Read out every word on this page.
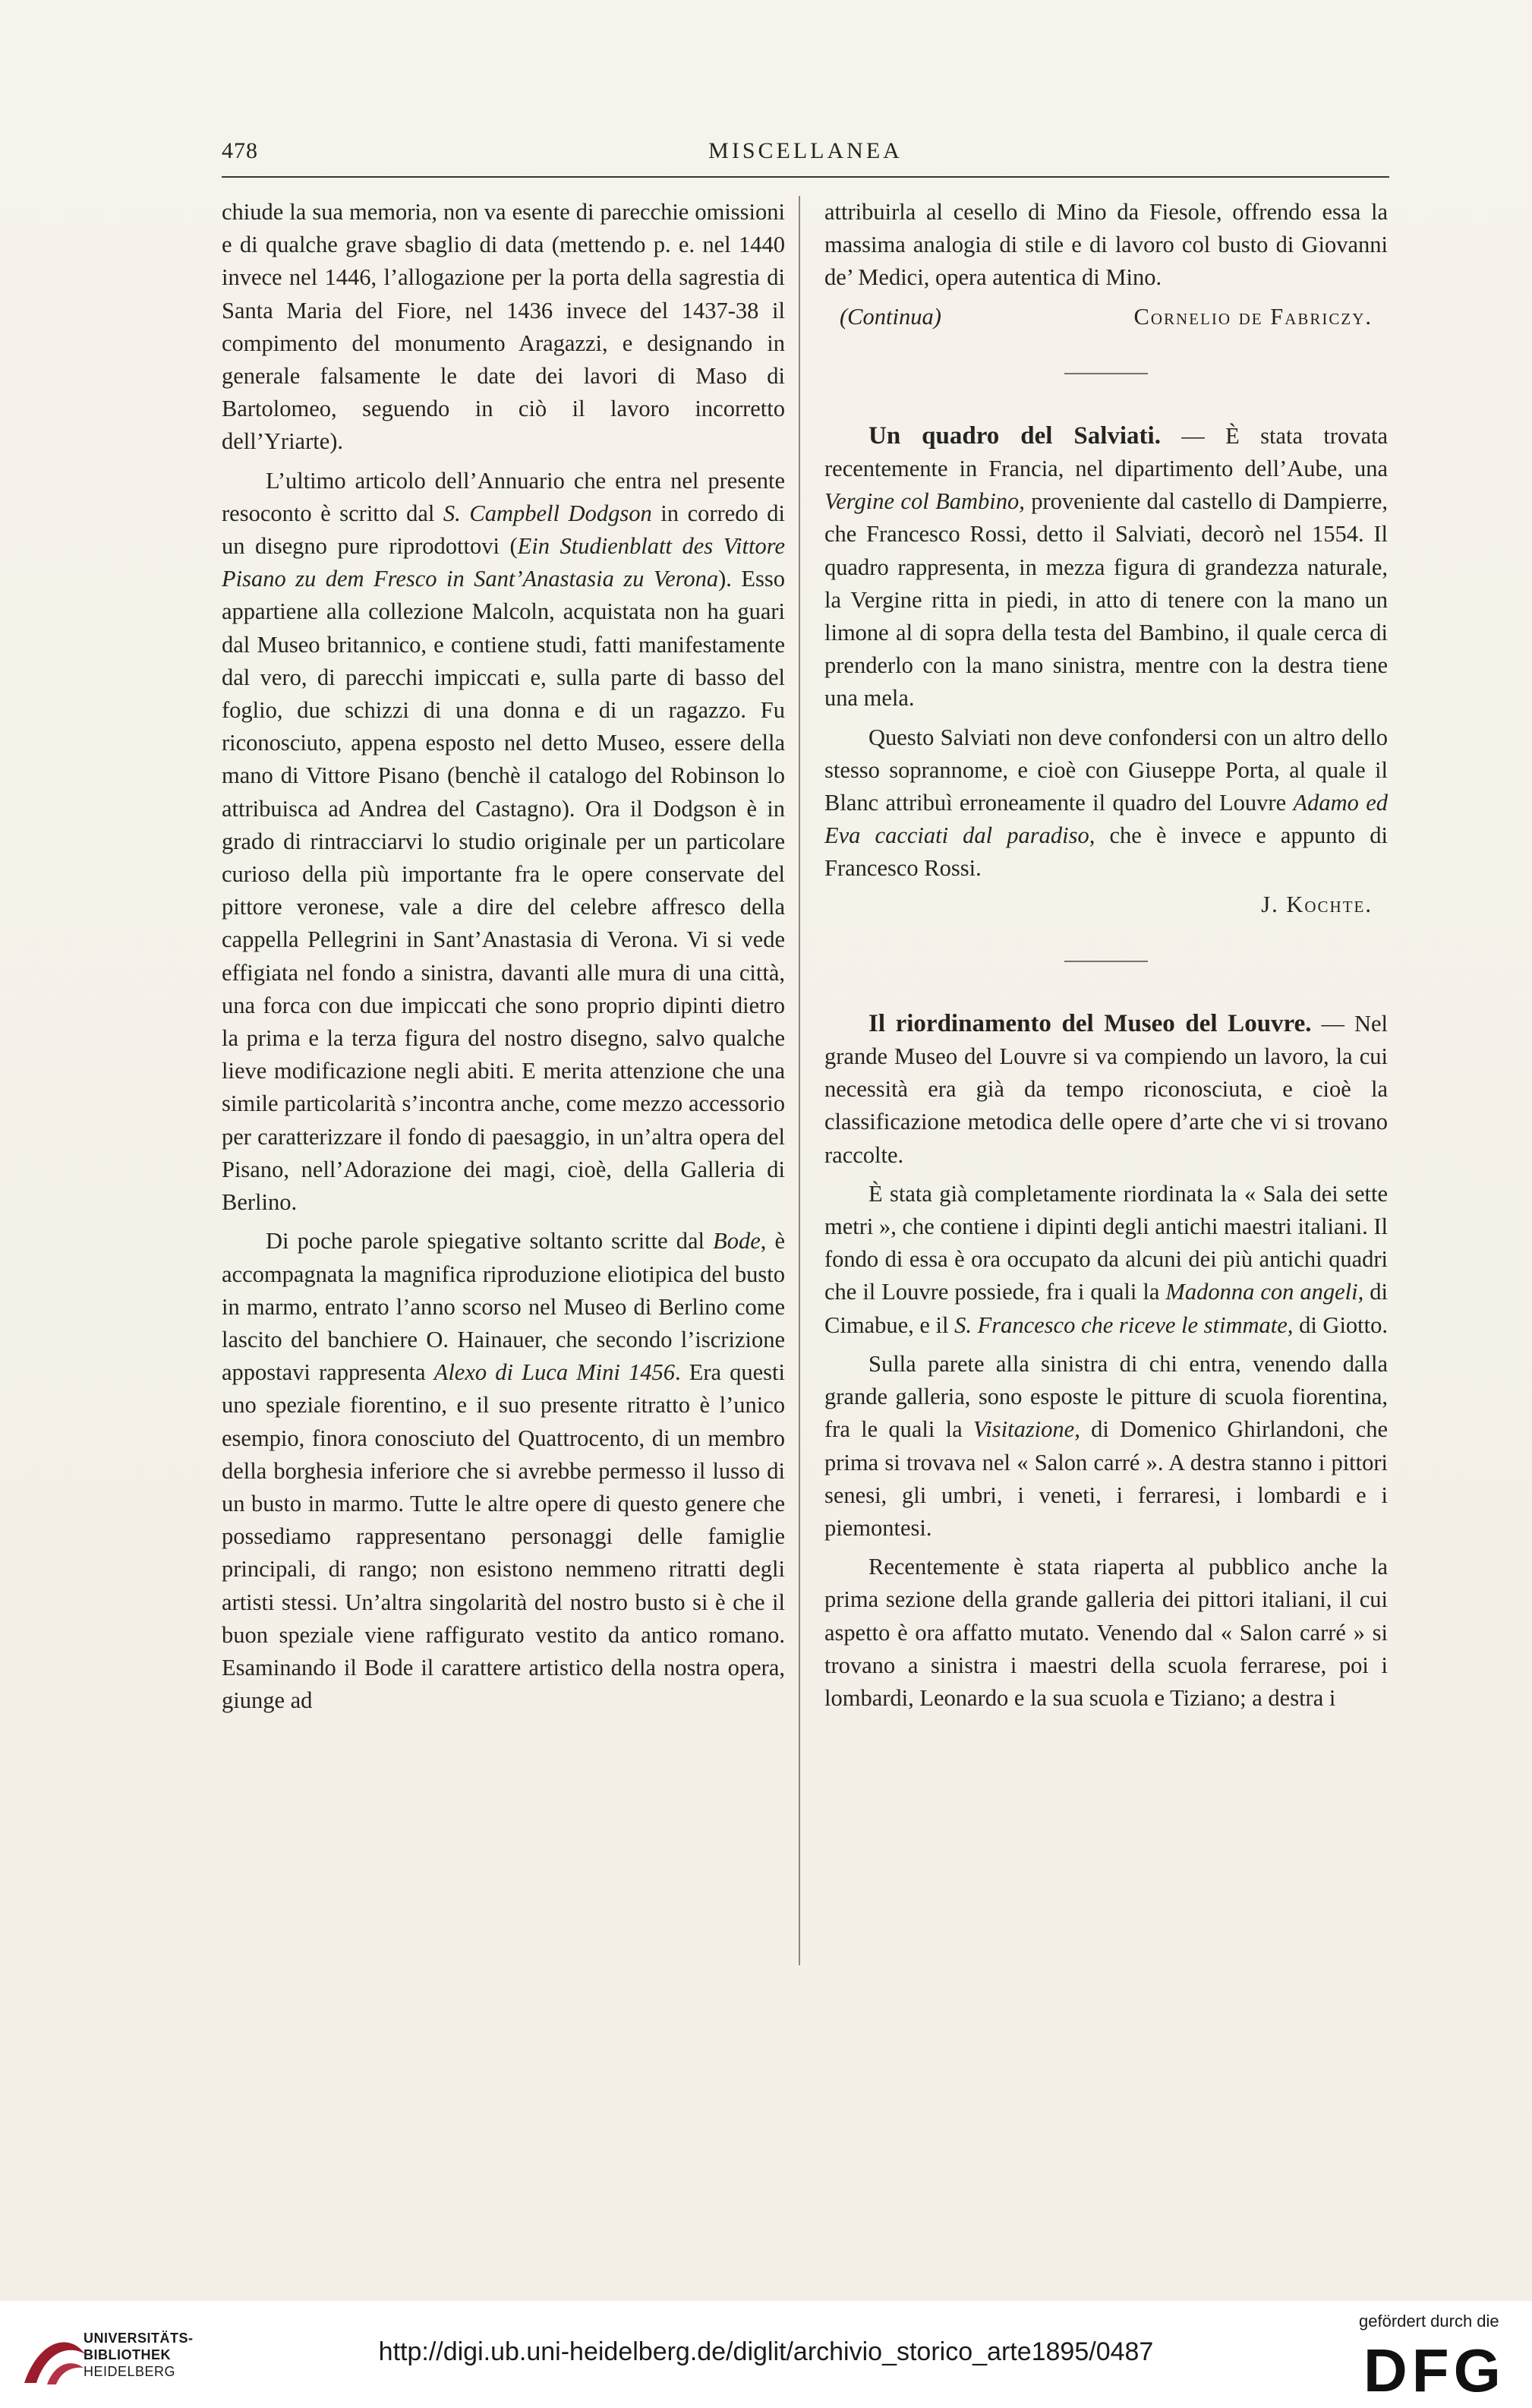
478	MISCELLANEA

chiude la sua memoria, non va esente di parecchie omissioni e di qualche grave sbaglio di data (mettendo p. e. nel 1440 invece nel 1446, l’allogazione per la porta della sagrestia di Santa Maria del Fiore, nel 1436 invece del 1437-38 il compimento del monumento Aragazzi, e designando in generale falsamente le date dei lavori di Maso di Bartolomeo, seguendo in ciò il lavoro incorretto dell’Yriarte).

L’ultimo articolo dell’Annuario che entra nel presente resoconto è scritto dal S. Campbell Dodgson in corredo di un disegno pure riprodottovi (Ein Studienblatt des Vittore Pisano zu dem Fresco in Sant’Anastasia zu Verona). Esso appartiene alla collezione Malcoln, acquistata non ha guari dal Museo britannico, e contiene studi, fatti manifestamente dal vero, di parecchi impiccati e, sulla parte di basso del foglio, due schizzi di una donna e di un ragazzo. Fu riconosciuto, appena esposto nel detto Museo, essere della mano di Vittore Pisano (benchè il catalogo del Robinson lo attribuisca ad Andrea del Castagno). Ora il Dodgson è in grado di rintracciarvi lo studio originale per un particolare curioso della più importante fra le opere conservate del pittore veronese, vale a dire del celebre affresco della cappella Pellegrini in Sant’Anastasia di Verona. Vi si vede effigiata nel fondo a sinistra, davanti alle mura di una città, una forca con due impiccati che sono proprio dipinti dietro la prima e la terza figura del nostro disegno, salvo qualche lieve modificazione negli abiti. E merita attenzione che una simile particolarità s’incontra anche, come mezzo accessorio per caratterizzare il fondo di paesaggio, in un’altra opera del Pisano, nell’Adorazione dei magi, cioè, della Galleria di Berlino.

Di poche parole spiegative soltanto scritte dal Bode, è accompagnata la magnifica riproduzione eliotipica del busto in marmo, entrato l’anno scorso nel Museo di Berlino come lascito del banchiere O. Hainauer, che secondo l’iscrizione appostavi rappresenta Alexo di Luca Mini 1456. Era questi uno speziale fiorentino, e il suo presente ritratto è l’unico esempio, finora conosciuto del Quattrocento, di un membro della borghesia inferiore che si avrebbe permesso il lusso di un busto in marmo. Tutte le altre opere di questo genere che possediamo rappresentano personaggi delle famiglie principali, di rango; non esistono nemmeno ritratti degli artisti stessi. Un’altra singolarità del nostro busto si è che il buon speziale viene raffigurato vestito da antico romano. Esaminando il Bode il carattere artistico della nostra opera, giunge ad

attribuirla al cesello di Mino da Fiesole, offrendo essa la massima analogia di stile e di lavoro col busto di Giovanni de’ Medici, opera autentica di Mino.

(Continua)	Cornelio de Fabriczy.

Un quadro del Salviati. — È stata trovata recentemente in Francia, nel dipartimento dell’Aube, una Vergine col Bambino, proveniente dal castello di Dampierre, che Francesco Rossi, detto il Salviati, decorò nel 1554. Il quadro rappresenta, in mezza figura di grandezza naturale, la Vergine ritta in piedi, in atto di tenere con la mano un limone al di sopra della testa del Bambino, il quale cerca di prenderlo con la mano sinistra, mentre con la destra tiene una mela.

Questo Salviati non deve confondersi con un altro dello stesso soprannome, e cioè con Giuseppe Porta, al quale il Blanc attribuì erroneamente il quadro del Louvre Adamo ed Eva cacciati dal paradiso, che è invece e appunto di Francesco Rossi.

J. Kochte.

Il riordinamento del Museo del Louvre. — Nel grande Museo del Louvre si va compiendo un lavoro, la cui necessità era già da tempo riconosciuta, e cioè la classificazione metodica delle opere d’arte che vi si trovano raccolte.

È stata già completamente riordinata la « Sala dei sette metri », che contiene i dipinti degli antichi maestri italiani. Il fondo di essa è ora occupato da alcuni dei più antichi quadri che il Louvre possiede, fra i quali la Madonna con angeli, di Cimabue, e il S. Francesco che riceve le stimmate, di Giotto.

Sulla parete alla sinistra di chi entra, venendo dalla grande galleria, sono esposte le pitture di scuola fiorentina, fra le quali la Visitazione, di Domenico Ghirlandoni, che prima si trovava nel « Salon carré ». A destra stanno i pittori senesi, gli umbri, i veneti, i ferraresi, i lombardi e i piemontesi.

Recentemente è stata riaperta al pubblico anche la prima sezione della grande galleria dei pittori italiani, il cui aspetto è ora affatto mutato. Venendo dal « Salon carré » si trovano a sinistra i maestri della scuola ferrarese, poi i lombardi, Leonardo e la sua scuola e Tiziano; a destra i

UNIVERSITÄTS-
BIBLIOTHEK
HEIDELBERG
http://digi.ub.uni-heidelberg.de/diglit/archivio_storico_arte1895/0487
gefördert durch die
DFG
